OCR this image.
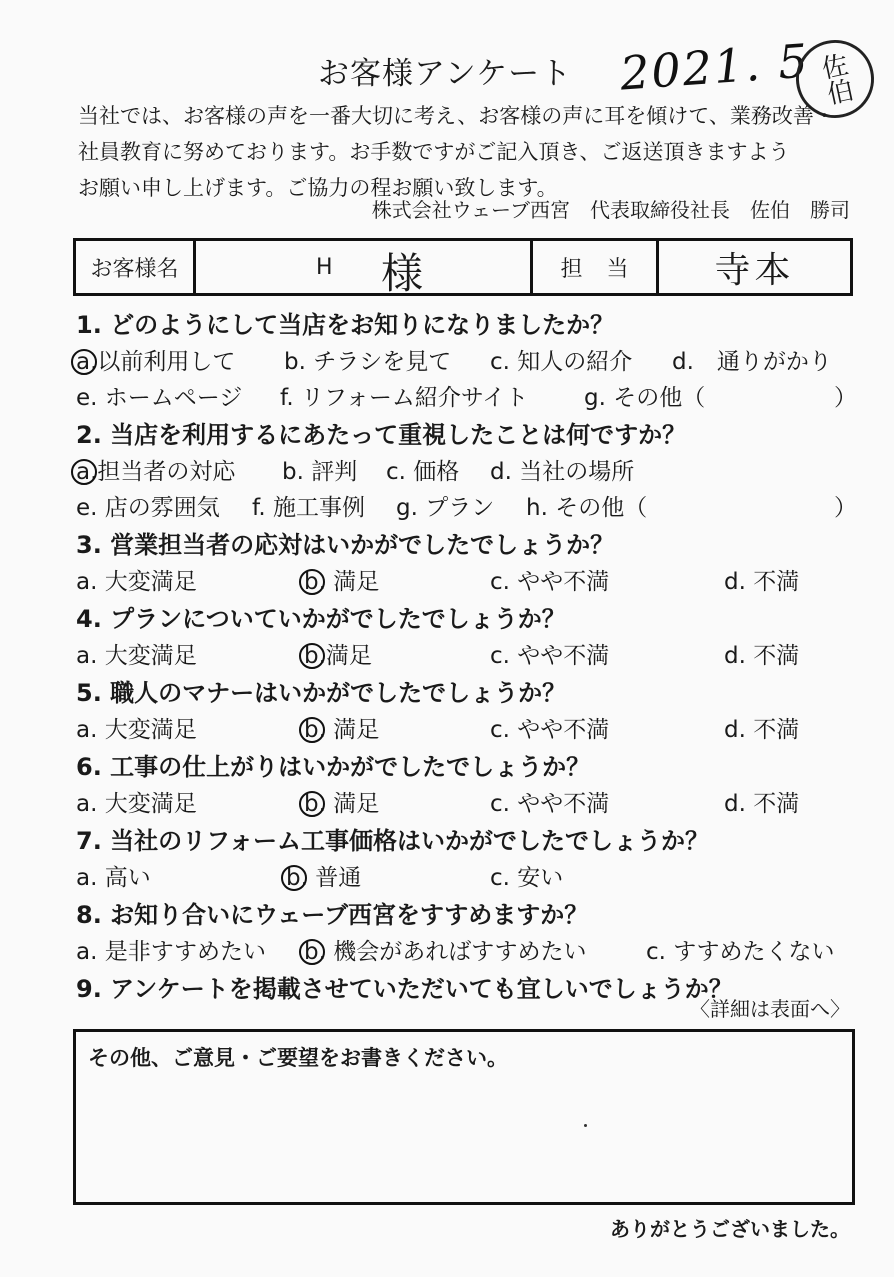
お客様アンケート 2021. 5 佐伯
当社では、お客様の声を一番大切に考え、お客様の声に耳を傾けて、業務改善・
社員教育に努めております。お手数ですがご記入頂き、ご返送頂きますよう
お願い申し上げます。ご協力の程お願い致します。
株式会社ウェーブ西宮　代表取締役社長　佐伯　勝司
お客様名	H 様	担当 寺本
1. どのようにして当店をお知りになりましたか？
a.以前利用して b. チラシを見て c. 知人の紹介 d.　通りがかり
e. ホームページ f. リフォーム紹介サイト g. その他（	）
2. 当店を利用するにあたって重視したことは何ですか？
a.担当者の対応 b. 評判 c. 価格 d. 当社の場所
e. 店の雰囲気 f. 施工事例 g. プラン h. その他（	）
3. 営業担当者の応対はいかがでしたでしょうか？
a. 大変満足	b. 満足	c. やや不満	d. 不満
4. プランについていかがでしたでしょうか？
a. 大変満足	b.満足	c. やや不満	d. 不満
5. 職人のマナーはいかがでしたでしょうか？
a. 大変満足	b. 満足	c. やや不満	d. 不満
6. 工事の仕上がりはいかがでしたでしょうか？
a. 大変満足	b. 満足	c. やや不満	d. 不満
7. 当社のリフォーム工事価格はいかがでしたでしょうか？
a. 高い	b. 普通	c. 安い
8. お知り合いにウェーブ西宮をすすめますか？
a. 是非すすめたい b. 機会があればすすめたい	c. すすめたくない
9. アンケートを掲載させていただいても宜しいでしょうか？
〈詳細は表面へ〉
その他、ご意見・ご要望をお書きください。
ありがとうございました。
